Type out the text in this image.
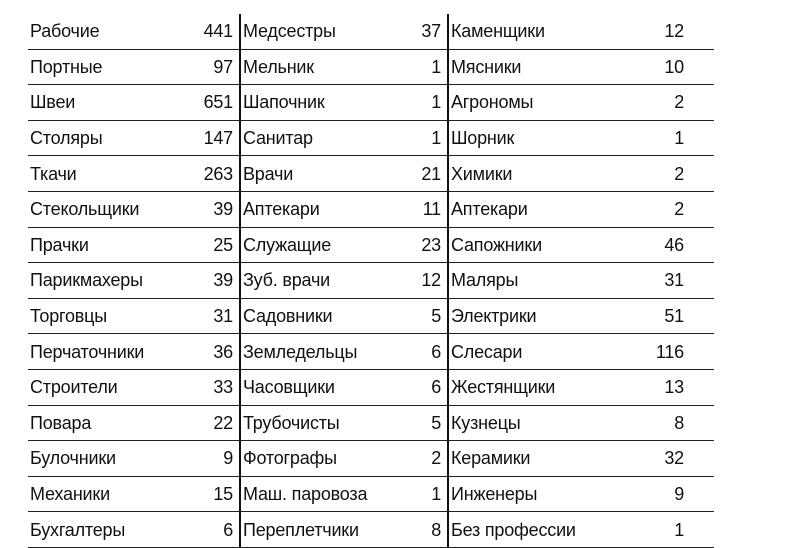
Рабочие	441	Медсестры	37	Каменщики	12
Портные	97	Мельник	1	Мясники	10
Швеи	651	Шапочник	1	Агрономы	2
Столяры	147	Санитар	1	Шорник	1
Ткачи	263	Врачи	21	Химики	2
Стекольщики	39	Аптекари	11	Аптекари	2
Прачки	25	Служащие	23	Сапожники	46
Парикмахеры	39	Зуб. врачи	12	Маляры	31
Торговцы	31	Садовники	5	Электрики	51
Перчаточники	36	Земледельцы	6	Слесари	116
Строители	33	Часовщики	6	Жестянщики	13
Повара	22	Трубочисты	5	Кузнецы	8
Булочники	9	Фотографы	2	Керамики	32
Механики	15	Маш. паровоза	1	Инженеры	9
Бухгалтеры	6	Переплетчики	8	Без профессии	1
